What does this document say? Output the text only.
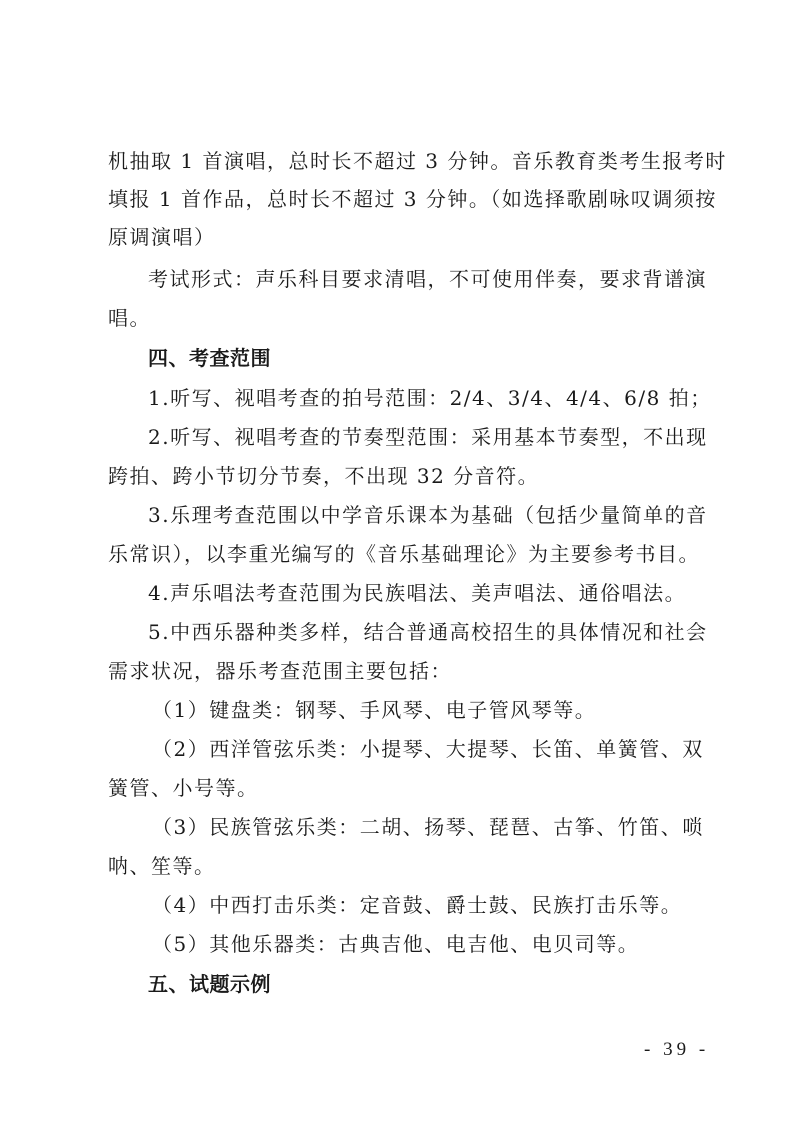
机抽取 1 首演唱，总时长不超过 3 分钟。音乐教育类考生报考时
填报 1 首作品，总时长不超过 3 分钟。（如选择歌剧咏叹调须按
原调演唱）
考试形式：声乐科目要求清唱，不可使用伴奏，要求背谱演
唱。
四、考查范围
1.听写、视唱考查的拍号范围：2/4、3/4、4/4、6/8 拍；
2.听写、视唱考查的节奏型范围：采用基本节奏型，不出现
跨拍、跨小节切分节奏，不出现 32 分音符。
3.乐理考查范围以中学音乐课本为基础（包括少量简单的音
乐常识），以李重光编写的《音乐基础理论》为主要参考书目。
4.声乐唱法考查范围为民族唱法、美声唱法、通俗唱法。
5.中西乐器种类多样，结合普通高校招生的具体情况和社会
需求状况，器乐考查范围主要包括：
（1）键盘类：钢琴、手风琴、电子管风琴等。
（2）西洋管弦乐类：小提琴、大提琴、长笛、单簧管、双
簧管、小号等。
（3）民族管弦乐类：二胡、扬琴、琵琶、古筝、竹笛、唢
呐、笙等。
（4）中西打击乐类：定音鼓、爵士鼓、民族打击乐等。
（5）其他乐器类：古典吉他、电吉他、电贝司等。
五、试题示例
- 39 -
